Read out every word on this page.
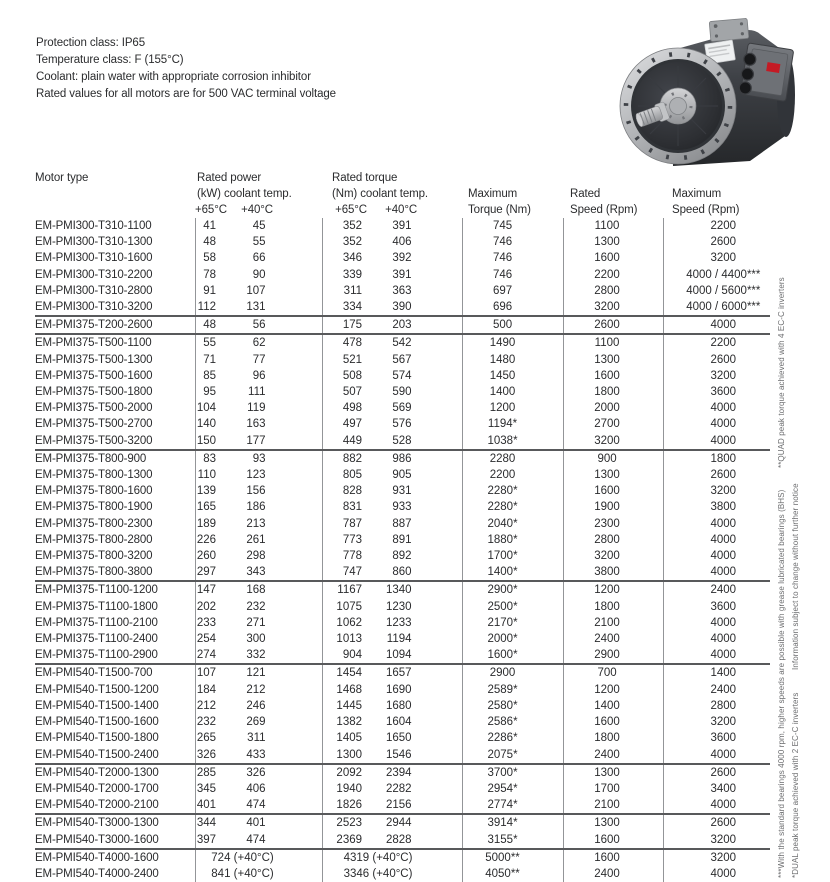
Protection class: IP65
Temperature class: F (155°C)
Coolant: plain water with appropriate corrosion inhibitor
Rated values for all motors are for 500 VAC terminal voltage
Motor type	Rated power		Rated torque				
	(kW) coolant temp.		(Nm) coolant temp.		Maximum	Rated	Maximum
	+65°C	+40°C	+65°C	+40°C	Torque (Nm)	Speed (Rpm)	Speed (Rpm)
EM-PMI300-T310-1100	41	45	352	391	745	1100	2200
EM-PMI300-T310-1300	48	55	352	406	746	1300	2600
EM-PMI300-T310-1600	58	66	346	392	746	1600	3200
EM-PMI300-T310-2200	78	90	339	391	746	2200	4000 / 4400***
EM-PMI300-T310-2800	91	107	311	363	697	2800	4000 / 5600***
EM-PMI300-T310-3200	112	131	334	390	696	3200	4000 / 6000***
EM-PMI375-T200-2600	48	56	175	203	500	2600	4000
EM-PMI375-T500-1100	55	62	478	542	1490	1100	2200
EM-PMI375-T500-1300	71	77	521	567	1480	1300	2600
EM-PMI375-T500-1600	85	96	508	574	1450	1600	3200
EM-PMI375-T500-1800	95	111	507	590	1400	1800	3600
EM-PMI375-T500-2000	104	119	498	569	1200	2000	4000
EM-PMI375-T500-2700	140	163	497	576	1194*	2700	4000
EM-PMI375-T500-3200	150	177	449	528	1038*	3200	4000
EM-PMI375-T800-900	83	93	882	986	2280	900	1800
EM-PMI375-T800-1300	110	123	805	905	2200	1300	2600
EM-PMI375-T800-1600	139	156	828	931	2280*	1600	3200
EM-PMI375-T800-1900	165	186	831	933	2280*	1900	3800
EM-PMI375-T800-2300	189	213	787	887	2040*	2300	4000
EM-PMI375-T800-2800	226	261	773	891	1880*	2800	4000
EM-PMI375-T800-3200	260	298	778	892	1700*	3200	4000
EM-PMI375-T800-3800	297	343	747	860	1400*	3800	4000
EM-PMI375-T1100-1200	147	168	1167	1340	2900*	1200	2400
EM-PMI375-T1100-1800	202	232	1075	1230	2500*	1800	3600
EM-PMI375-T1100-2100	233	271	1062	1233	2170*	2100	4000
EM-PMI375-T1100-2400	254	300	1013	1194	2000*	2400	4000
EM-PMI375-T1100-2900	274	332	904	1094	1600*	2900	4000
EM-PMI540-T1500-700	107	121	1454	1657	2900	700	1400
EM-PMI540-T1500-1200	184	212	1468	1690	2589*	1200	2400
EM-PMI540-T1500-1400	212	246	1445	1680	2580*	1400	2800
EM-PMI540-T1500-1600	232	269	1382	1604	2586*	1600	3200
EM-PMI540-T1500-1800	265	311	1405	1650	2286*	1800	3600
EM-PMI540-T1500-2400	326	433	1300	1546	2075*	2400	4000
EM-PMI540-T2000-1300	285	326	2092	2394	3700*	1300	2600
EM-PMI540-T2000-1700	345	406	1940	2282	2954*	1700	3400
EM-PMI540-T2000-2100	401	474	1826	2156	2774*	2100	4000
EM-PMI540-T3000-1300	344	401	2523	2944	3914*	1300	2600
EM-PMI540-T3000-1600	397	474	2369	2828	3155*	1600	3200
EM-PMI540-T4000-1600	724 (+40°C)		4319 (+40°C)		5000**	1600	3200
EM-PMI540-T4000-2400	841 (+40°C)		3346 (+40°C)		4050**	2400	4000	***With the standard bearings 4000 rpm, higher speeds are possible with grease lubricated bearings (BHS)
**QUAD peak torque achieved with 4 EC-C inverters
*DUAL peak torque achieved with 2 EC-C inverters
Information subject to change without further notice
